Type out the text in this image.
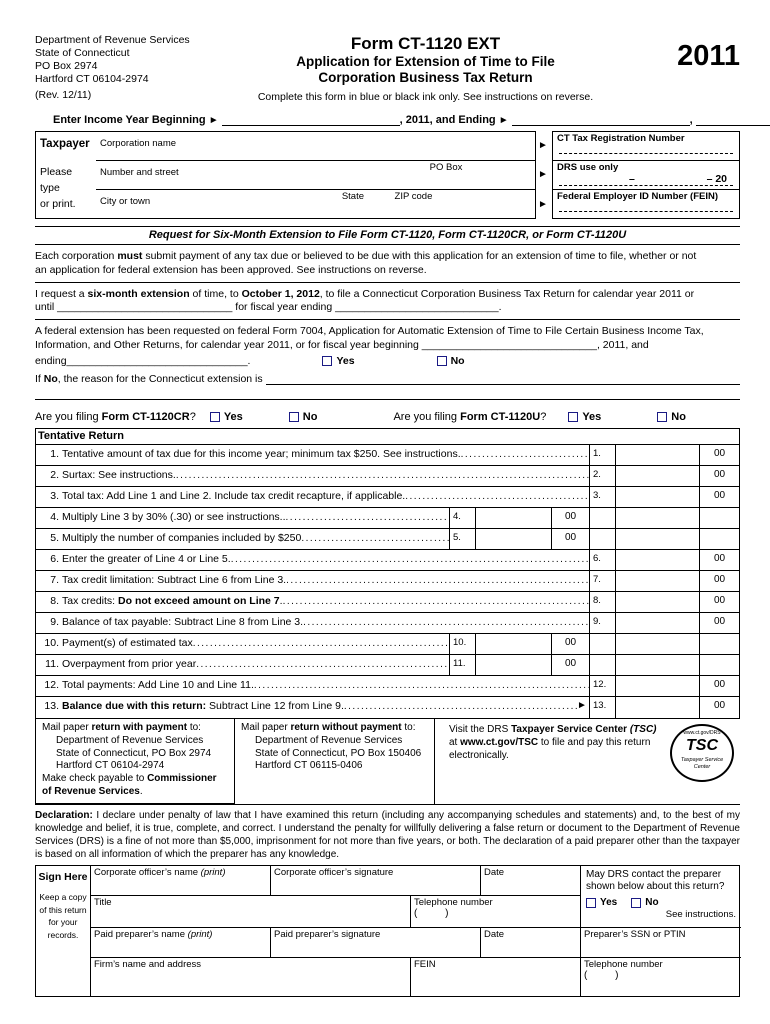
Department of Revenue Services
State of Connecticut
PO Box 2974
Hartford CT 06104-2974
(Rev. 12/11)
Form CT-1120 EXT
Application for Extension of Time to File
Corporation Business Tax Return
Complete this form in blue or black ink only. See instructions on reverse.
2011
Enter Income Year Beginning ►	, 2011, and Ending ►	,
Taxpayer
Please
type
or print.
Corporation name
Number and street	PO Box
City or town	State	ZIP code
►
►
►
CT Tax Registration Number
DRS use only
–	– 20
Federal Employer ID Number (FEIN)
Request for Six-Month Extension to File Form CT-1120, Form CT-1120CR, or Form CT-1120U
Each corporation must submit payment of any tax due or believed to be due with this application for an extension of time to file, whether or not
an application for federal extension has been approved. See instructions on reverse.
I request a six-month extension of time, to October 1, 2012, to file a Connecticut Corporation Business Tax Return for calendar year 2011 or
until ______________________________ for fiscal year ending ____________________________.
A federal extension has been requested on federal Form 7004, Application for Automatic Extension of Time to File Certain Business Income Tax,
Information, and Other Returns, for calendar year 2011, or for fiscal year beginning ______________________________, 2011, and
ending_______________________________.	Yes	No
If No, the reason for the Connecticut extension is
Are you filing Form CT-1120CR?	Yes	No	Are you filing Form CT-1120U?	Yes	No
Tentative Return
1. Tentative amount of tax due for this income year; minimum tax $250. See instructions. .....	1.	00
2. Surtax: See instructions. .....	2.	00
3. Total tax: Add Line 1 and Line 2. Include tax credit recapture, if applicable. .....	3.	00
4. Multiply Line 3 by 30% (.30) or see instructions.. .....	4.	00
5. Multiply the number of companies included by $250 .....	5.	00
6. Enter the greater of Line 4 or Line 5. .....	6.	00
7. Tax credit limitation: Subtract Line 6 from Line 3. .....	7.	00
8. Tax credits: Do not exceed amount on Line 7. .....	8.	00
9. Balance of tax payable: Subtract Line 8 from Line 3. .....	9.	00
10. Payment(s) of estimated tax .....	10.	00
11. Overpayment from prior year .....	11.	00
12. Total payments: Add Line 10 and Line 11. .....	12.	00
13. Balance due with this return: Subtract Line 12 from Line 9. .....	► 13.	00
Mail paper return with payment to:
Department of Revenue Services
State of Connecticut, PO Box 2974
Hartford CT 06104-2974
Make check payable to Commissioner of Revenue Services.
Mail paper return without payment to:
Department of Revenue Services
State of Connecticut, PO Box 150406
Hartford CT 06115-0406
Visit the DRS Taxpayer Service Center (TSC) at www.ct.gov/TSC to file and pay this return electronically.
www.ct.gov/DRS
TSC
Taxpayer Service Center
Declaration: I declare under penalty of law that I have examined this return (including any accompanying schedules and statements) and, to the best of my knowledge and belief, it is true, complete, and correct. I understand the penalty for willfully delivering a false return or document to the Department of Revenue Services (DRS) is a fine of not more than $5,000, imprisonment for not more than five years, or both. The declaration of a paid preparer other than the taxpayer is based on all information of which the preparer has any knowledge.
Sign Here
Keep a copy of this return for your records.
Corporate officer’s name (print)	Corporate officer’s signature	Date	May DRS contact the preparer shown below about this return?
Yes	No
See instructions.
Title	Telephone number
(          )
Paid preparer’s name (print)	Paid preparer’s signature	Date	Preparer’s SSN or PTIN
Firm’s name and address	FEIN	Telephone number
(          )
